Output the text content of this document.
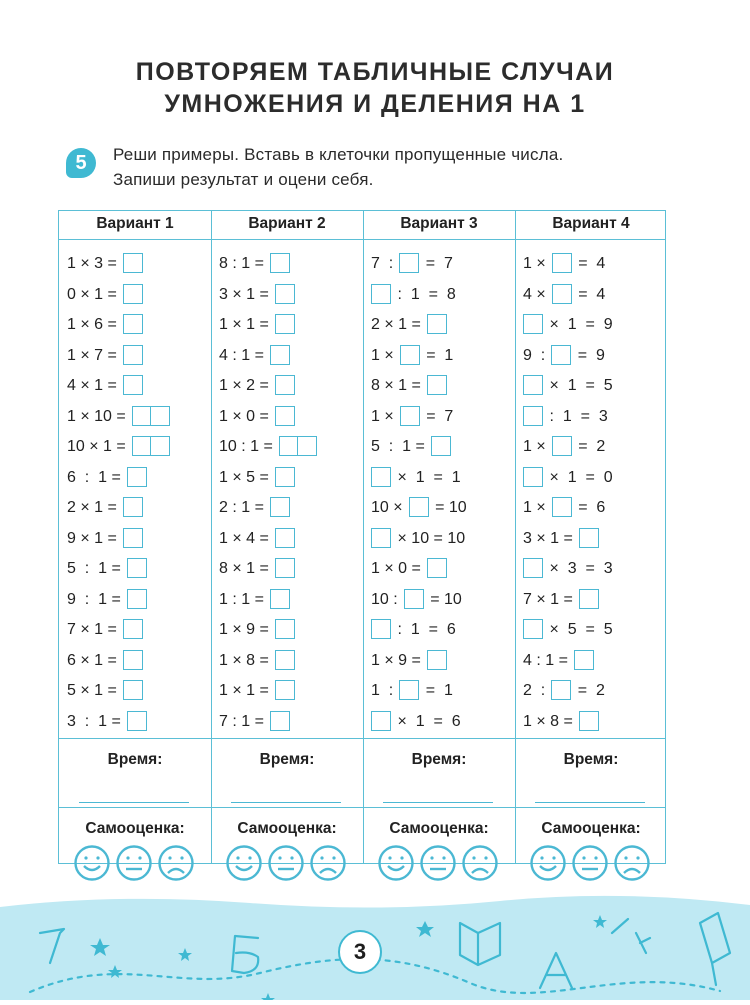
ПОВТОРЯЕМ ТАБЛИЧНЫЕ СЛУЧАИ
УМНОЖЕНИЯ И ДЕЛЕНИЯ НА 1
5	Реши примеры. Вставь в клеточки пропущенные числа.
Запиши результат и оцени себя.
Вариант 1
1 × 3 =
0 × 1 =
1 × 6 =
1 × 7 =
4 × 1 =
1 × 10 =
10 × 1 =
6  :  1 =
2 × 1 =
9 × 1 =
5  :  1 =
9  :  1 =
7 × 1 =
6 × 1 =
5 × 1 =
3  :  1 =
Время:
Самооценка:
Вариант 2
8 : 1 =
3 × 1 =
1 × 1 =
4 : 1 =
1 × 2 =
1 × 0 =
10 : 1 =
1 × 5 =
2 : 1 =
1 × 4 =
8 × 1 =
1 : 1 =
1 × 9 =
1 × 8 =
1 × 1 =
7 : 1 =
Время:
Самооценка:
Вариант 3
7  : =  7
:  1  =  8
2 × 1 =
1 × =  1
8 × 1 =
1 × =  7
5  :  1 =
×  1  =  1
10 × = 10
× 10 = 10
1 × 0 =
10 : = 10
:  1  =  6
1 × 9 =
1  : =  1
×  1  =  6
Время:
Самооценка:
Вариант 4
1 × =  4
4 × =  4
×  1  =  9
9  : =  9
×  1  =  5
:  1  =  3
1 × =  2
×  1  =  0
1 × =  6
3 × 1 =
×  3  =  3
7 × 1 =
×  5  =  5
4 : 1 =
2  : =  2
1 × 8 =
Время:
Самооценка:
3
